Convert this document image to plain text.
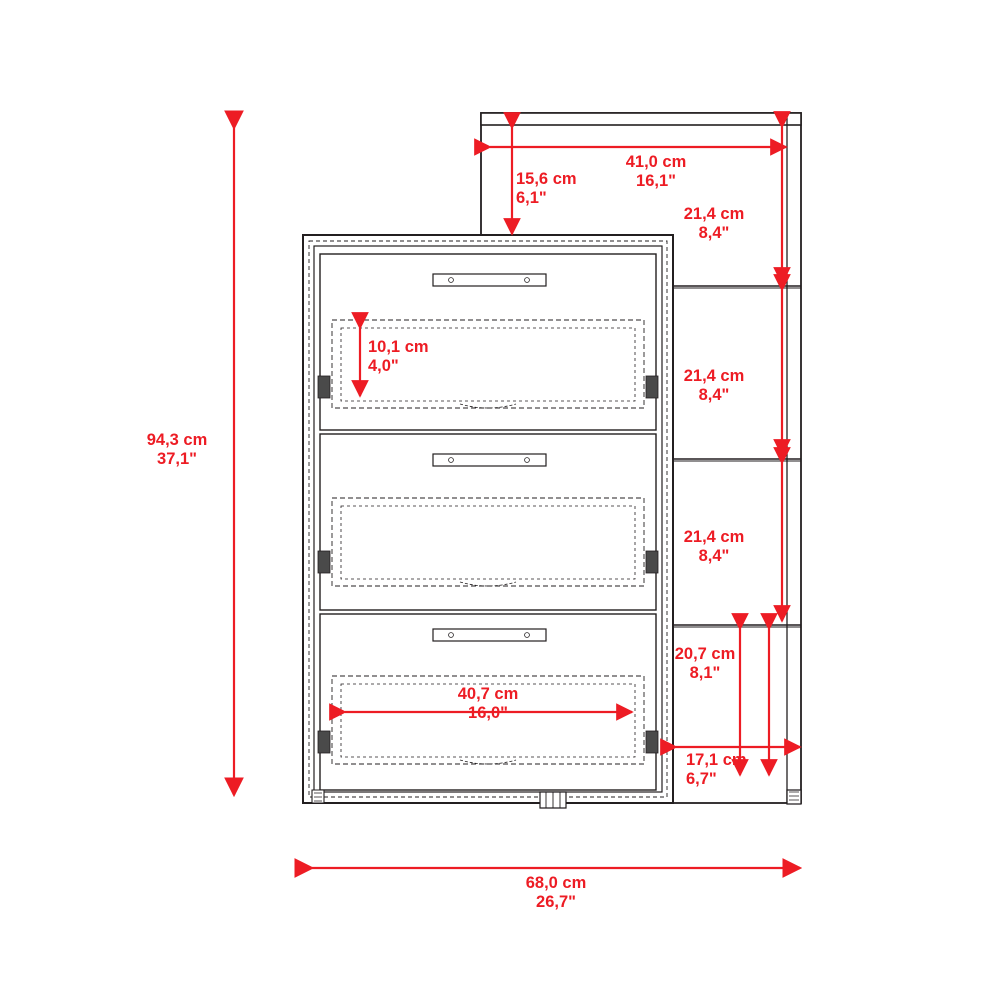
94,3 cm
37,1"
68,0 cm
26,7"
15,6 cm
6,1"
41,0 cm
16,1"
21,4 cm
8,4"
21,4 cm
8,4"
21,4 cm
8,4"
20,7 cm
8,1"
10,1 cm
4,0"
40,7 cm
16,0"
17,1 cm
6,7"
